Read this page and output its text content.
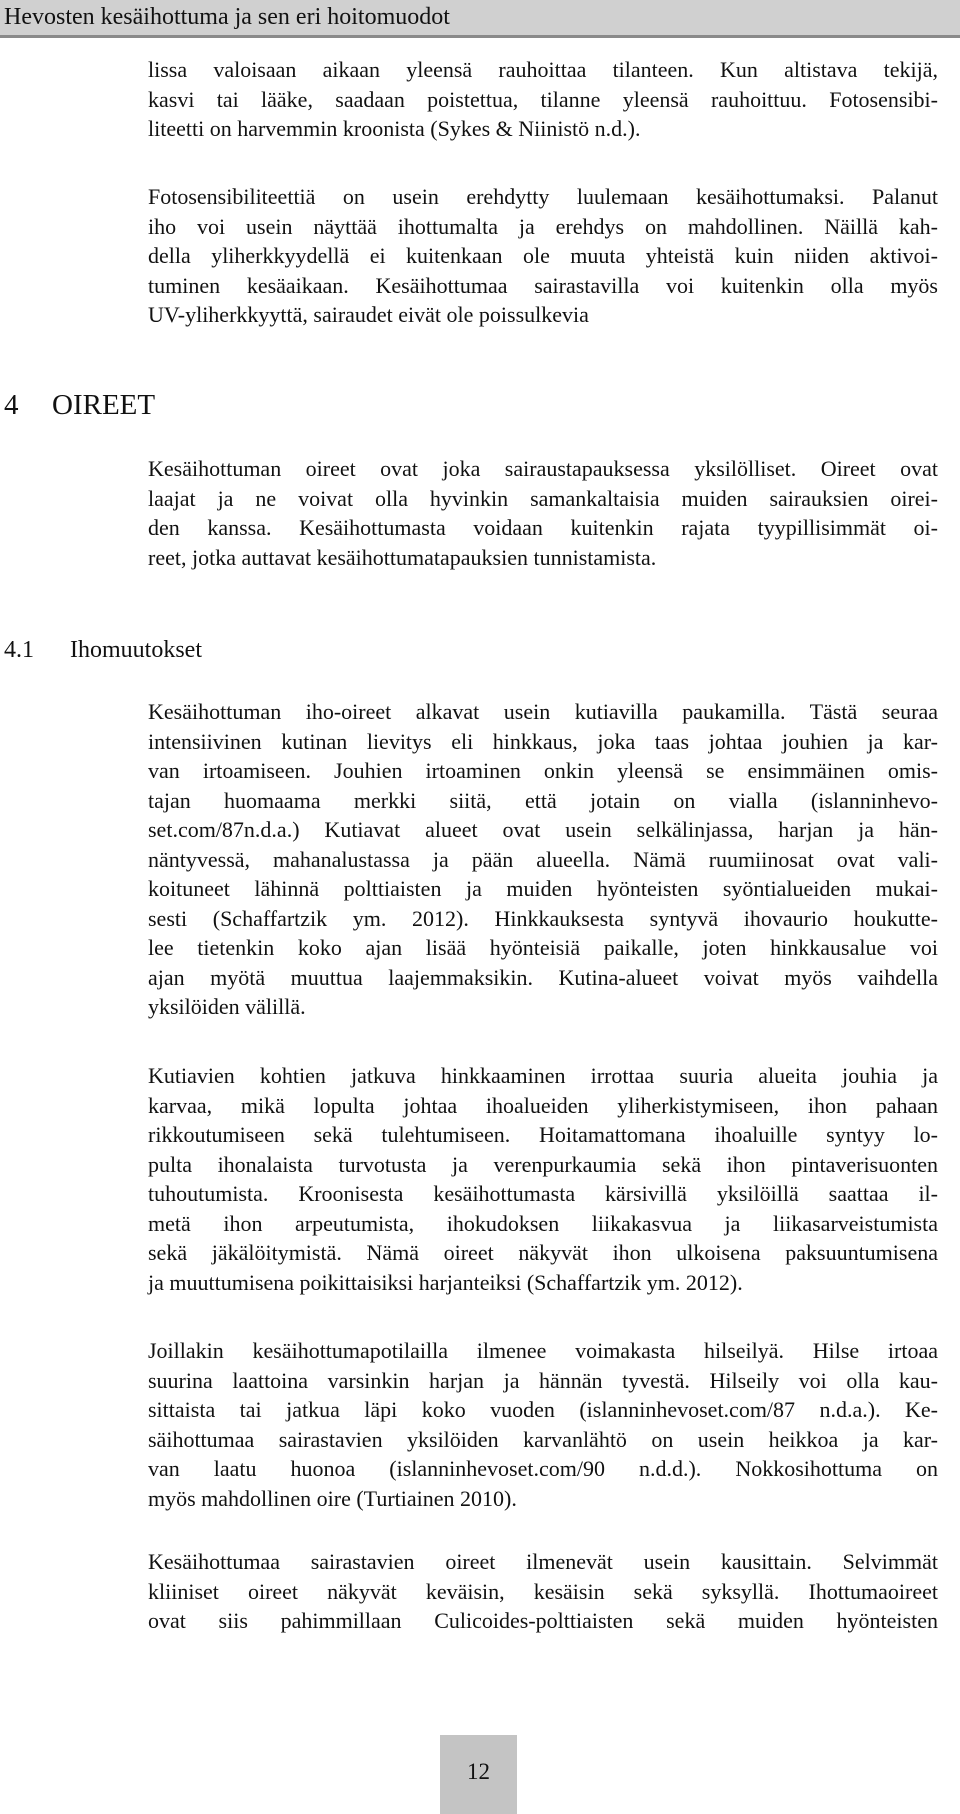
Hevosten kesäihottuma ja sen eri hoitomuodot
lissa valoisaan aikaan yleensä rauhoittaa tilanteen. Kun altistava tekijä,
kasvi tai lääke, saadaan poistettua, tilanne yleensä rauhoittuu. Fotosensibi-
liteetti on harvemmin kroonista (Sykes & Niinistö n.d.).
Fotosensibiliteettiä on usein erehdytty luulemaan kesäihottumaksi. Palanut
iho voi usein näyttää ihottumalta ja erehdys on mahdollinen. Näillä kah-
della yliherkkyydellä ei kuitenkaan ole muuta yhteistä kuin niiden aktivoi-
tuminen kesäaikaan. Kesäihottumaa sairastavilla voi kuitenkin olla myös
UV-yliherkkyyttä, sairaudet eivät ole poissulkevia
4 OIREET
Kesäihottuman oireet ovat joka sairaustapauksessa yksilölliset. Oireet ovat
laajat ja ne voivat olla hyvinkin samankaltaisia muiden sairauksien oirei-
den kanssa. Kesäihottumasta voidaan kuitenkin rajata tyypillisimmät oi-
reet, jotka auttavat kesäihottumatapauksien tunnistamista.
4.1 Ihomuutokset
Kesäihottuman iho-oireet alkavat usein kutiavilla paukamilla. Tästä seuraa
intensiivinen kutinan lievitys eli hinkkaus, joka taas johtaa jouhien ja kar-
van irtoamiseen. Jouhien irtoaminen onkin yleensä se ensimmäinen omis-
tajan huomaama merkki siitä, että jotain on vialla (islanninhevo-
set.com/87n.d.a.) Kutiavat alueet ovat usein selkälinjassa, harjan ja hän-
näntyvessä, mahanalustassa ja pään alueella. Nämä ruumiinosat ovat vali-
koituneet lähinnä polttiaisten ja muiden hyönteisten syöntialueiden mukai-
sesti (Schaffartzik ym. 2012). Hinkkauksesta syntyvä ihovaurio houkutte-
lee tietenkin koko ajan lisää hyönteisiä paikalle, joten hinkkausalue voi
ajan myötä muuttua laajemmaksikin. Kutina-alueet voivat myös vaihdella
yksilöiden välillä.
Kutiavien kohtien jatkuva hinkkaaminen irrottaa suuria alueita jouhia ja
karvaa, mikä lopulta johtaa ihoalueiden yliherkistymiseen, ihon pahaan
rikkoutumiseen sekä tulehtumiseen. Hoitamattomana ihoaluille syntyy lo-
pulta ihonalaista turvotusta ja verenpurkaumia sekä ihon pintaverisuonten
tuhoutumista. Kroonisesta kesäihottumasta kärsivillä yksilöillä saattaa il-
metä ihon arpeutumista, ihokudoksen liikakasvua ja liikasarveistumista
sekä jäkälöitymistä. Nämä oireet näkyvät ihon ulkoisena paksuuntumisena
ja muuttumisena poikittaisiksi harjanteiksi (Schaffartzik ym. 2012).
Joillakin kesäihottumapotilailla ilmenee voimakasta hilseilyä. Hilse irtoaa
suurina laattoina varsinkin harjan ja hännän tyvestä. Hilseily voi olla kau-
sittaista tai jatkua läpi koko vuoden (islanninhevoset.com/87 n.d.a.). Ke-
säihottumaa sairastavien yksilöiden karvanlähtö on usein heikkoa ja kar-
van laatu huonoa (islanninhevoset.com/90 n.d.d.). Nokkosihottuma on
myös mahdollinen oire (Turtiainen 2010).
Kesäihottumaa sairastavien oireet ilmenevät usein kausittain. Selvimmät
kliiniset oireet näkyvät keväisin, kesäisin sekä syksyllä. Ihottumaoireet
ovat siis pahimmillaan Culicoides-polttiaisten sekä muiden hyönteisten
12
